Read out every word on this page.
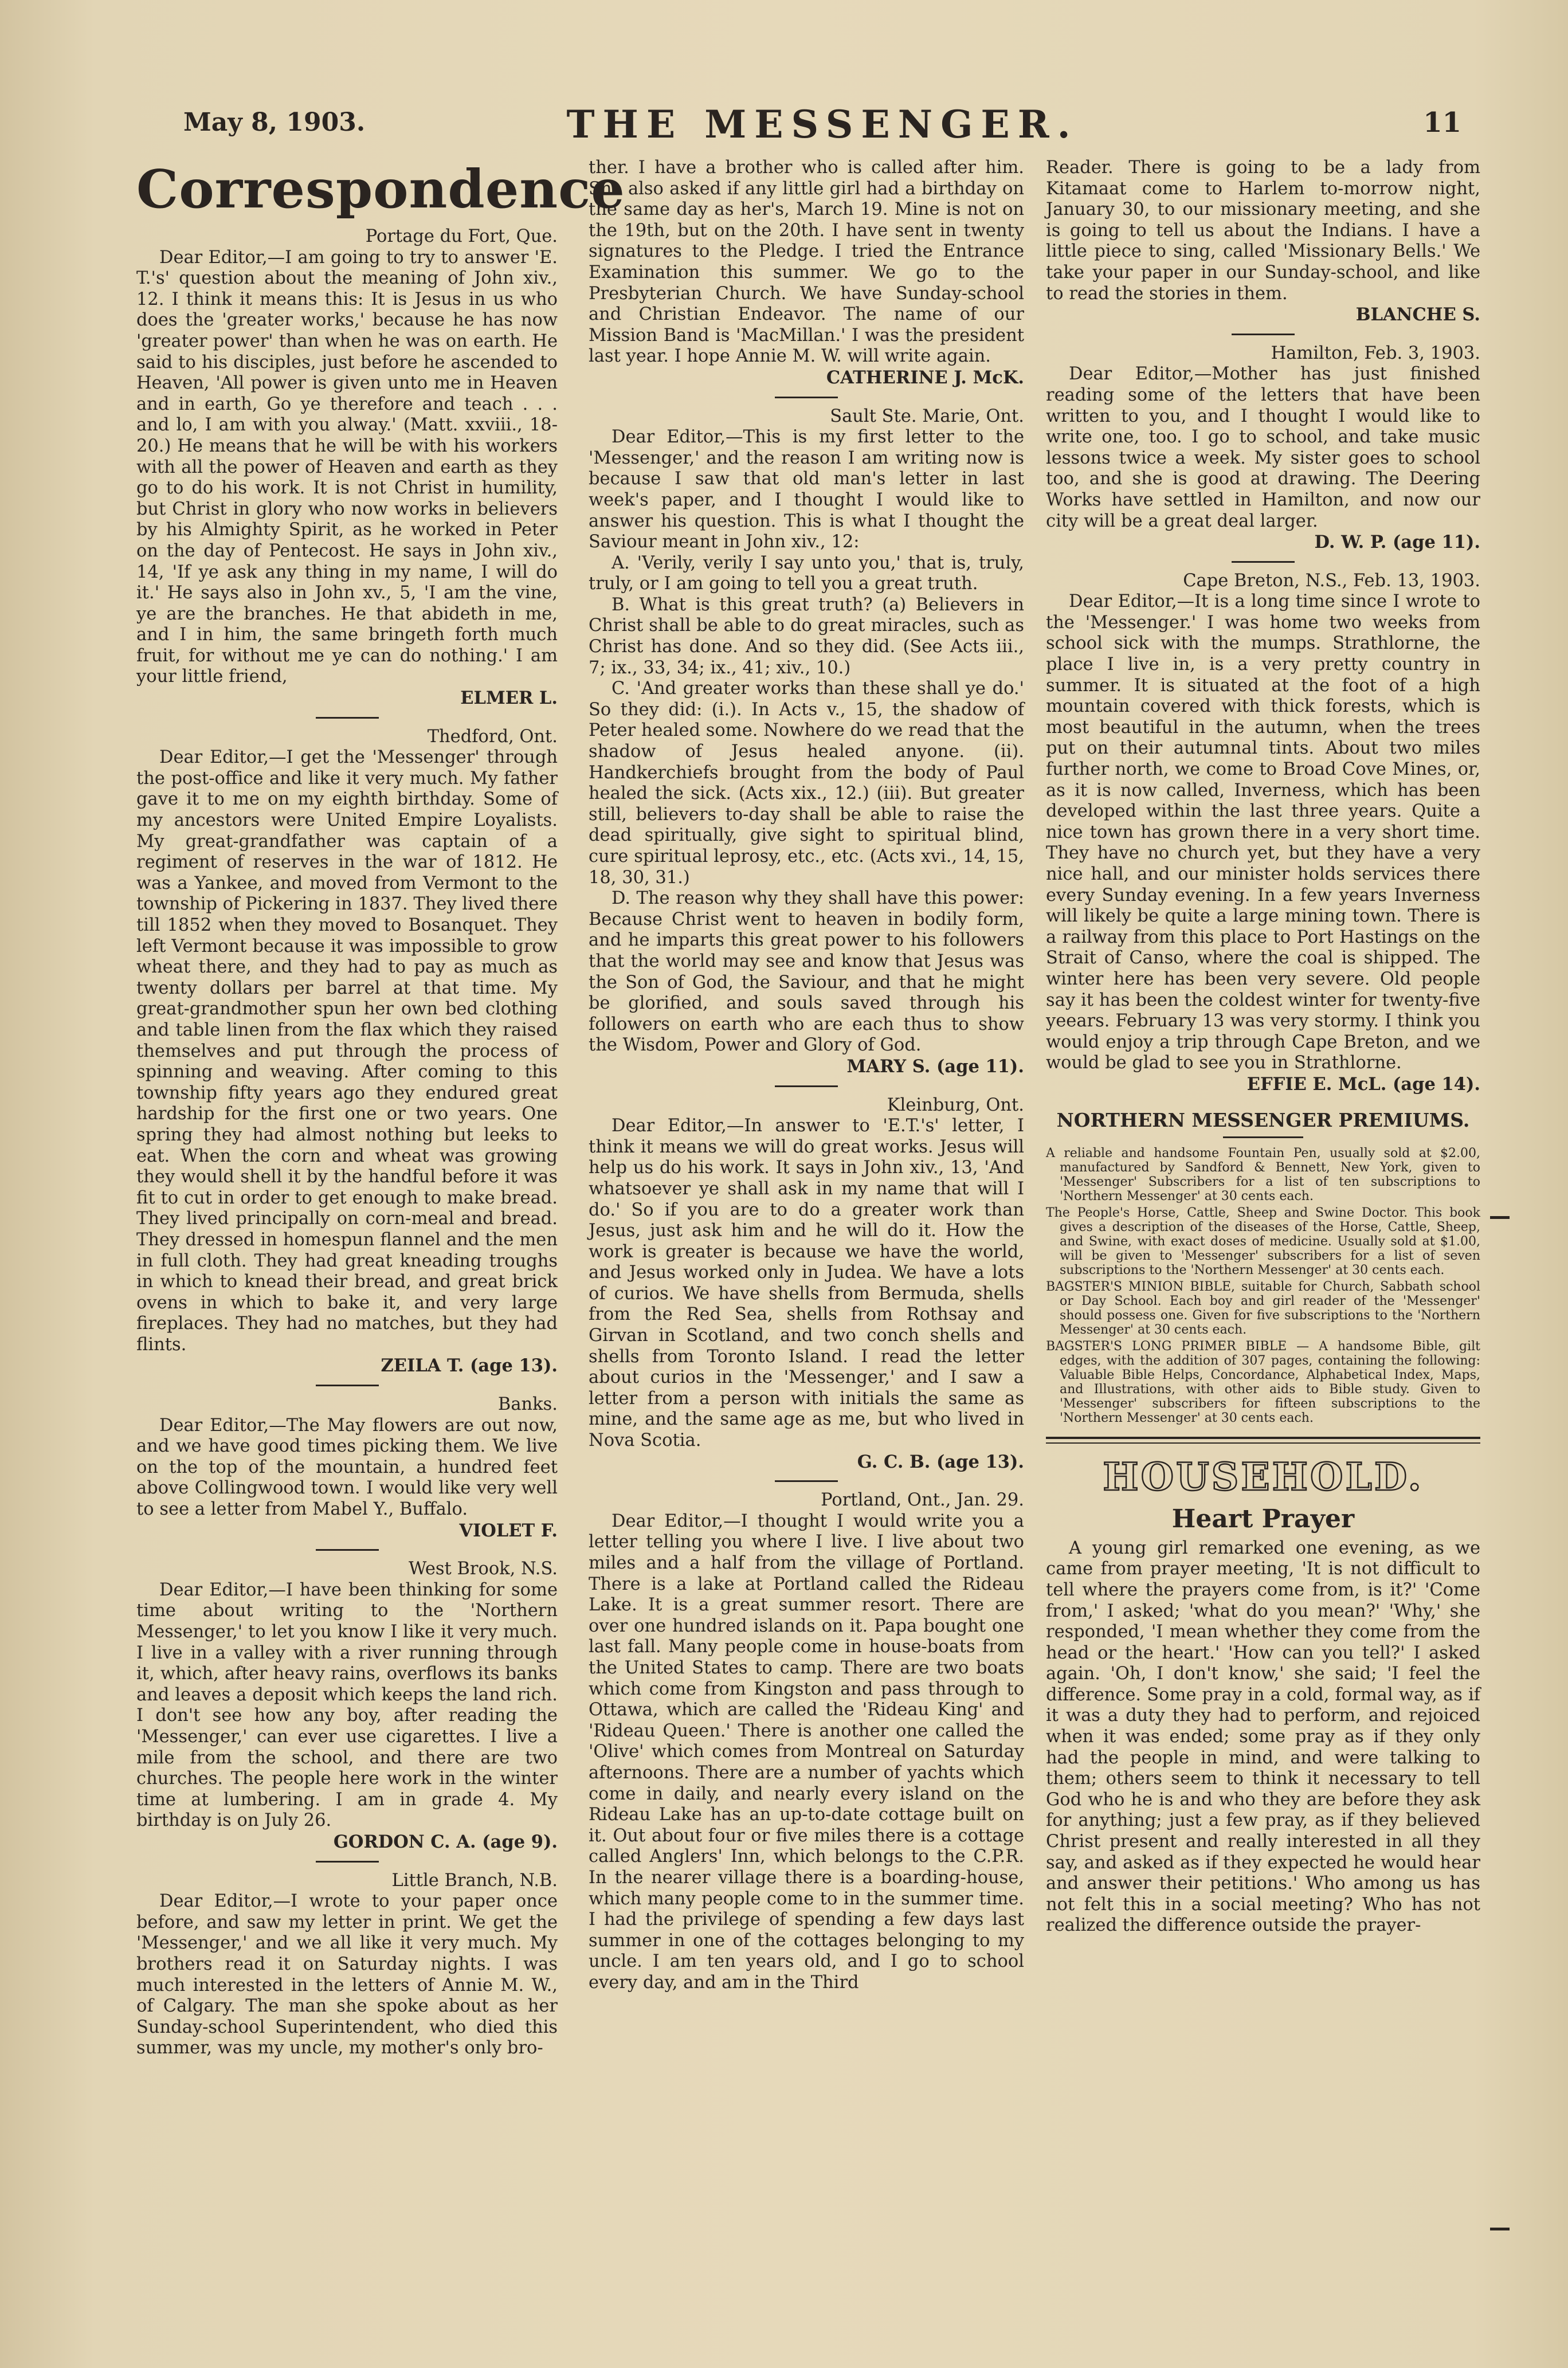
May 8, 1903.	THE MESSENGER.	11
Correspondence

Portage du Fort, Que.

Dear Editor,—I am going to try to answer 'E. T.'s' question about the meaning of John xiv., 12. I think it means this: It is Jesus in us who does the 'greater works,' because he has now 'greater power' than when he was on earth. He said to his disciples, just before he ascended to Heaven, 'All power is given unto me in Heaven and in earth, Go ye therefore and teach . . . and lo, I am with you alway.' (Matt. xxviii., 18-20.) He means that he will be with his workers with all the power of Heaven and earth as they go to do his work. It is not Christ in humility, but Christ in glory who now works in believers by his Almighty Spirit, as he worked in Peter on the day of Pentecost. He says in John xiv., 14, 'If ye ask any thing in my name, I will do it.' He says also in John xv., 5, 'I am the vine, ye are the branches. He that abideth in me, and I in him, the same bringeth forth much fruit, for without me ye can do nothing.' I am your little friend,

ELMER L.

Thedford, Ont.

Dear Editor,—I get the 'Messenger' through the post-office and like it very much. My father gave it to me on my eighth birthday. Some of my ancestors were United Empire Loyalists. My great-grandfather was captain of a regiment of reserves in the war of 1812. He was a Yankee, and moved from Vermont to the township of Pickering in 1837. They lived there till 1852 when they moved to Bosanquet. They left Vermont because it was impossible to grow wheat there, and they had to pay as much as twenty dollars per barrel at that time. My great-grandmother spun her own bed clothing and table linen from the flax which they raised themselves and put through the process of spinning and weaving. After coming to this township fifty years ago they endured great hardship for the first one or two years. One spring they had almost nothing but leeks to eat. When the corn and wheat was growing they would shell it by the handful before it was fit to cut in order to get enough to make bread. They lived principally on corn-meal and bread. They dressed in homespun flannel and the men in full cloth. They had great kneading troughs in which to knead their bread, and great brick ovens in which to bake it, and very large fireplaces. They had no matches, but they had flints.

ZEILA T. (age 13).

Banks.

Dear Editor,—The May flowers are out now, and we have good times picking them. We live on the top of the mountain, a hundred feet above Collingwood town. I would like very well to see a letter from Mabel Y., Buffalo.

VIOLET F.

West Brook, N.S.

Dear Editor,—I have been thinking for some time about writing to the 'Northern Messenger,' to let you know I like it very much. I live in a valley with a river running through it, which, after heavy rains, overflows its banks and leaves a deposit which keeps the land rich. I don't see how any boy, after reading the 'Messenger,' can ever use cigarettes. I live a mile from the school, and there are two churches. The people here work in the winter time at lumbering. I am in grade 4. My birthday is on July 26.

GORDON C. A. (age 9).

Little Branch, N.B.

Dear Editor,—I wrote to your paper once before, and saw my letter in print. We get the 'Messenger,' and we all like it very much. My brothers read it on Saturday nights. I was much interested in the letters of Annie M. W., of Calgary. The man she spoke about as her Sunday-school Superintendent, who died this summer, was my uncle, my mother's only bro-

ther. I have a brother who is called after him. She also asked if any little girl had a birthday on the same day as her's, March 19. Mine is not on the 19th, but on the 20th. I have sent in twenty signatures to the Pledge. I tried the Entrance Examination this summer. We go to the Presbyterian Church. We have Sunday-school and Christian Endeavor. The name of our Mission Band is 'MacMillan.' I was the president last year. I hope Annie M. W. will write again.

CATHERINE J. McK.

Sault Ste. Marie, Ont.

Dear Editor,—This is my first letter to the 'Messenger,' and the reason I am writing now is because I saw that old man's letter in last week's paper, and I thought I would like to answer his question. This is what I thought the Saviour meant in John xiv., 12:

A. 'Verily, verily I say unto you,' that is, truly, truly, or I am going to tell you a great truth.

B. What is this great truth? (a) Believers in Christ shall be able to do great miracles, such as Christ has done. And so they did. (See Acts iii., 7; ix., 33, 34; ix., 41; xiv., 10.)

C. 'And greater works than these shall ye do.' So they did: (i.). In Acts v., 15, the shadow of Peter healed some. Nowhere do we read that the shadow of Jesus healed anyone. (ii). Handkerchiefs brought from the body of Paul healed the sick. (Acts xix., 12.) (iii). But greater still, believers to-day shall be able to raise the dead spiritually, give sight to spiritual blind, cure spiritual leprosy, etc., etc. (Acts xvi., 14, 15, 18, 30, 31.)

D. The reason why they shall have this power: Because Christ went to heaven in bodily form, and he imparts this great power to his followers that the world may see and know that Jesus was the Son of God, the Saviour, and that he might be glorified, and souls saved through his followers on earth who are each thus to show the Wisdom, Power and Glory of God.

MARY S. (age 11).

Kleinburg, Ont.

Dear Editor,—In answer to 'E.T.'s' letter, I think it means we will do great works. Jesus will help us do his work. It says in John xiv., 13, 'And whatsoever ye shall ask in my name that will I do.' So if you are to do a greater work than Jesus, just ask him and he will do it. How the work is greater is because we have the world, and Jesus worked only in Judea. We have a lots of curios. We have shells from Bermuda, shells from the Red Sea, shells from Rothsay and Girvan in Scotland, and two conch shells and shells from Toronto Island. I read the letter about curios in the 'Messenger,' and I saw a letter from a person with initials the same as mine, and the same age as me, but who lived in Nova Scotia.

G. C. B. (age 13).

Portland, Ont., Jan. 29.

Dear Editor,—I thought I would write you a letter telling you where I live. I live about two miles and a half from the village of Portland. There is a lake at Portland called the Rideau Lake. It is a great summer resort. There are over one hundred islands on it. Papa bought one last fall. Many people come in house-boats from the United States to camp. There are two boats which come from Kingston and pass through to Ottawa, which are called the 'Rideau King' and 'Rideau Queen.' There is another one called the 'Olive' which comes from Montreal on Saturday afternoons. There are a number of yachts which come in daily, and nearly every island on the Rideau Lake has an up-to-date cottage built on it. Out about four or five miles there is a cottage called Anglers' Inn, which belongs to the C.P.R. In the nearer village there is a boarding-house, which many people come to in the summer time. I had the privilege of spending a few days last summer in one of the cottages belonging to my uncle. I am ten years old, and I go to school every day, and am in the Third

Reader. There is going to be a lady from Kitamaat come to Harlem to-morrow night, January 30, to our missionary meeting, and she is going to tell us about the Indians. I have a little piece to sing, called 'Missionary Bells.' We take your paper in our Sunday-school, and like to read the stories in them.

BLANCHE S.

Hamilton, Feb. 3, 1903.

Dear Editor,—Mother has just finished reading some of the letters that have been written to you, and I thought I would like to write one, too. I go to school, and take music lessons twice a week. My sister goes to school too, and she is good at drawing. The Deering Works have settled in Hamilton, and now our city will be a great deal larger.

D. W. P. (age 11).

Cape Breton, N.S., Feb. 13, 1903.

Dear Editor,—It is a long time since I wrote to the 'Messenger.' I was home two weeks from school sick with the mumps. Strathlorne, the place I live in, is a very pretty country in summer. It is situated at the foot of a high mountain covered with thick forests, which is most beautiful in the autumn, when the trees put on their autumnal tints. About two miles further north, we come to Broad Cove Mines, or, as it is now called, Inverness, which has been developed within the last three years. Quite a nice town has grown there in a very short time. They have no church yet, but they have a very nice hall, and our minister holds services there every Sunday evening. In a few years Inverness will likely be quite a large mining town. There is a railway from this place to Port Hastings on the Strait of Canso, where the coal is shipped. The winter here has been very severe. Old people say it has been the coldest winter for twenty-five yeears. February 13 was very stormy. I think you would enjoy a trip through Cape Breton, and we would be glad to see you in Strathlorne.

EFFIE E. McL. (age 14).

NORTHERN MESSENGER PREMIUMS.

A reliable and handsome Fountain Pen, usually sold at $2.00, manufactured by Sandford & Bennett, New York, given to 'Messenger' Subscribers for a list of ten subscriptions to 'Northern Messenger' at 30 cents each.

The People's Horse, Cattle, Sheep and Swine Doctor. This book gives a description of the diseases of the Horse, Cattle, Sheep, and Swine, with exact doses of medicine. Usually sold at $1.00, will be given to 'Messenger' subscribers for a list of seven subscriptions to the 'Northern Messenger' at 30 cents each.

BAGSTER'S MINION BIBLE, suitable for Church, Sabbath school or Day School. Each boy and girl reader of the 'Messenger' should possess one. Given for five subscriptions to the 'Northern Messenger' at 30 cents each.

BAGSTER'S LONG PRIMER BIBLE — A handsome Bible, gilt edges, with the addition of 307 pages, containing the following: Valuable Bible Helps, Concordance, Alphabetical Index, Maps, and Illustrations, with other aids to Bible study. Given to 'Messenger' subscribers for fifteen subscriptions to the 'Northern Messenger' at 30 cents each.

HOUSEHOLD.
Heart Prayer

A young girl remarked one evening, as we came from prayer meeting, 'It is not difficult to tell where the prayers come from, is it?' 'Come from,' I asked; 'what do you mean?' 'Why,' she responded, 'I mean whether they come from the head or the heart.' 'How can you tell?' I asked again. 'Oh, I don't know,' she said; 'I feel the difference. Some pray in a cold, formal way, as if it was a duty they had to perform, and rejoiced when it was ended; some pray as if they only had the people in mind, and were talking to them; others seem to think it necessary to tell God who he is and who they are before they ask for anything; just a few pray, as if they believed Christ present and really interested in all they say, and asked as if they expected he would hear and answer their petitions.' Who among us has not felt this in a social meeting? Who has not realized the difference outside the prayer-
